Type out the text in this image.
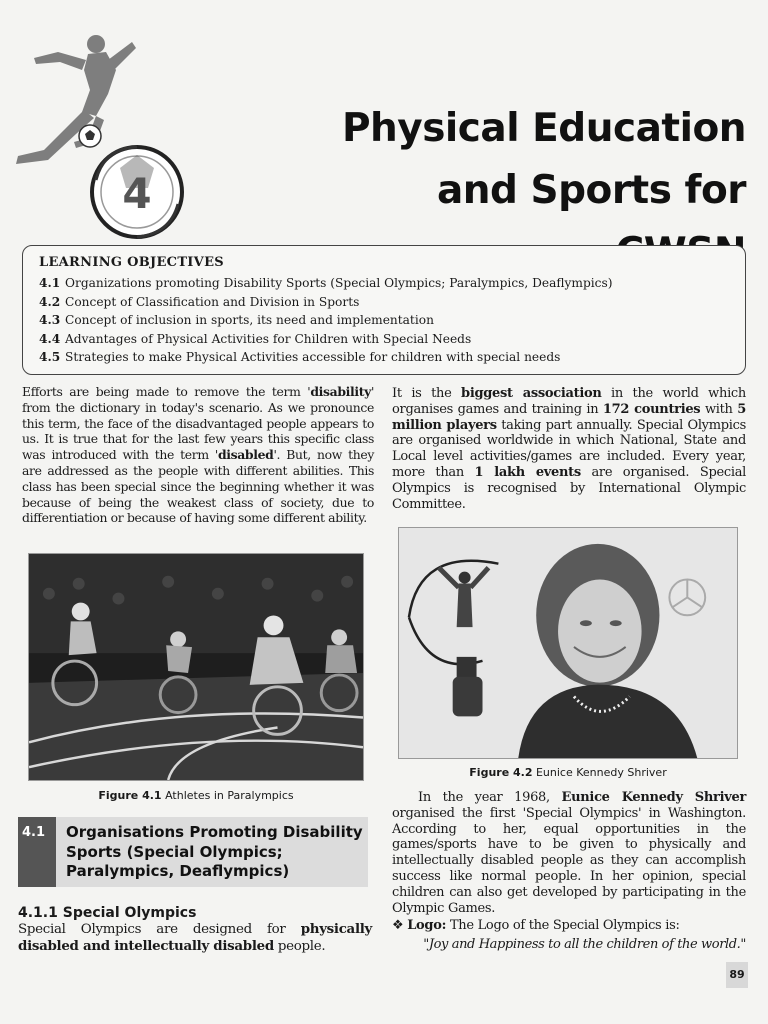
4
Physical Education
and Sports for
LEARNING OBJECTIVES
4.1 Organizations promoting Disability Sports (Special Olympics; Paralympics, Deaflympics)
4.2 Concept of Classification and Division in Sports
4.3 Concept of inclusion in sports, its need and implementation
4.4 Advantages of Physical Activities for Children with Special Needs
4.5 Strategies to make Physical Activities accessible for children with special needs

Efforts are being made to remove the term 'disability' from the dictionary in today's scenario. As we pronounce this term, the face of the disadvantaged people appears to us. It is true that for the last few years this specific class was introduced with the term 'disabled'. But, now they are addressed as the people with different abilities. This class has been special since the beginning whether it was because of being the weakest class of society, due to differentiation or because of having some different ability.

It is the biggest association in the world which organises games and training in 172 countries with 5 million players taking part annually. Special Olympics are organised worldwide in which National, State and Local level activities/games are included. Every year, more than 1 lakh events are organised. Special Olympics is recognised by International Olympic Committee.

Figure 4.1 Athletes in Paralympics
Figure 4.2 Eunice Kennedy Shriver
4.1	Organisations Promoting Disability Sports (Special Olympics; Paralympics, Deaflympics)
4.1.1 Special Olympics
Special Olympics are designed for physically disabled and intellectually disabled people.

In the year 1968, Eunice Kennedy Shriver organised the first 'Special Olympics' in Washington. According to her, equal opportunities in the games/sports have to be given to physically and intellectually disabled people as they can accomplish success like normal people. In her opinion, special children can also get developed by participating in the Olympic Games.

❖ Logo: The Logo of the Special Olympics is:

"Joy and Happiness to all the children of the world."

89
